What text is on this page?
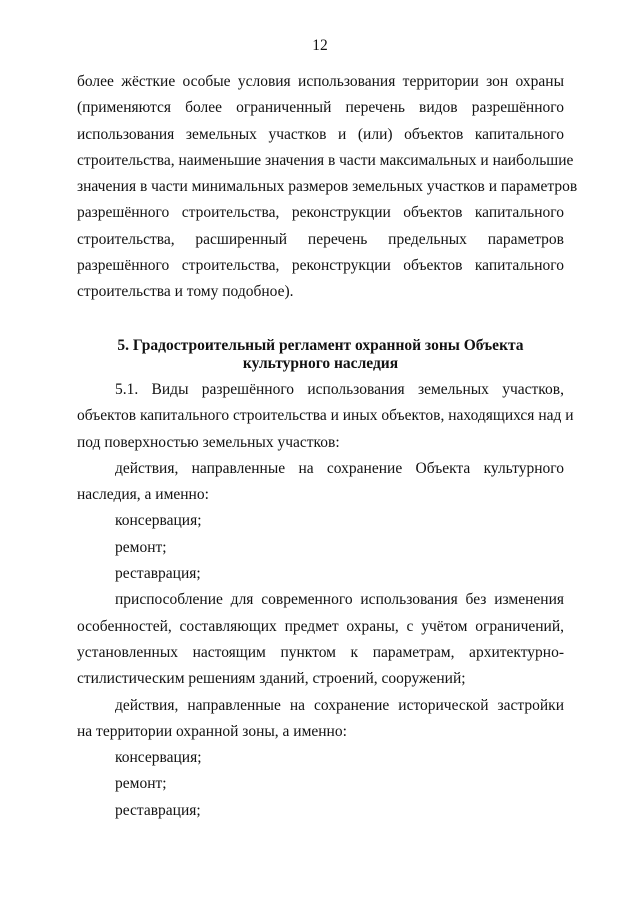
12
более жёсткие особые условия использования территории зон охраны
(применяются более ограниченный перечень видов разрешённого
использования земельных участков и (или) объектов капитального
строительства, наименьшие значения в части максимальных и наибольшие
значения в части минимальных размеров земельных участков и параметров
разрешённого строительства, реконструкции объектов капитального
строительства, расширенный перечень предельных параметров
разрешённого строительства, реконструкции объектов капитального
строительства и тому подобное).
5. Градостроительный регламент охранной зоны Объекта
культурного наследия
5.1. Виды разрешённого использования земельных участков,
объектов капитального строительства и иных объектов, находящихся над и
под поверхностью земельных участков:
действия, направленные на сохранение Объекта культурного
наследия, а именно:
консервация;
ремонт;
реставрация;
приспособление для современного использования без изменения
особенностей, составляющих предмет охраны, с учётом ограничений,
установленных настоящим пунктом к параметрам, архитектурно-
стилистическим решениям зданий, строений, сооружений;
действия, направленные на сохранение исторической застройки
на территории охранной зоны, а именно:
консервация;
ремонт;
реставрация;
